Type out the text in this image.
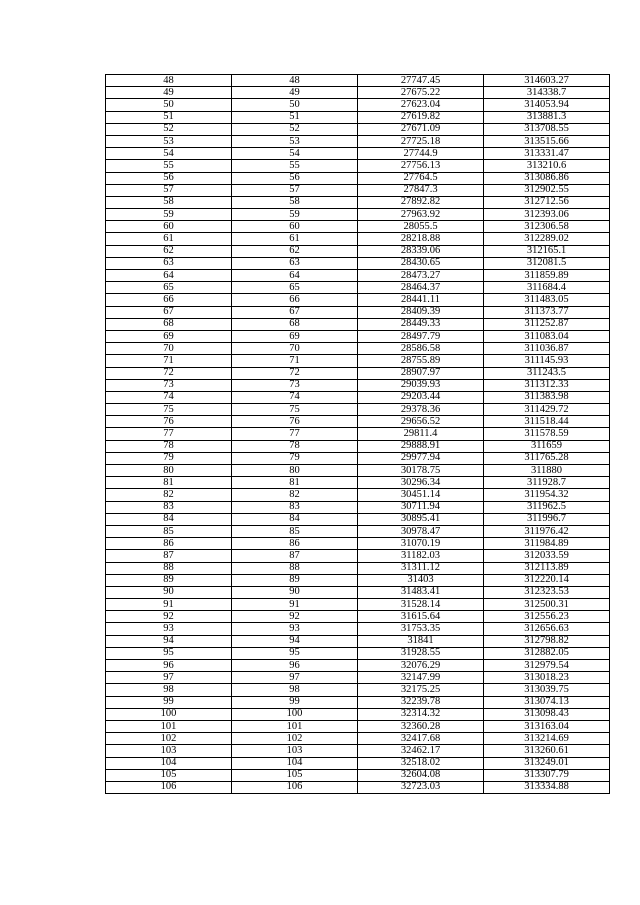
48	48	27747.45	314603.27
49	49	27675.22	314338.7
50	50	27623.04	314053.94
51	51	27619.82	313881.3
52	52	27671.09	313708.55
53	53	27725.18	313515.66
54	54	27744.9	313331.47
55	55	27756.13	313210.6
56	56	27764.5	313086.86
57	57	27847.3	312902.55
58	58	27892.82	312712.56
59	59	27963.92	312393.06
60	60	28055.5	312306.58
61	61	28218.88	312289.02
62	62	28339.06	312165.1
63	63	28430.65	312081.5
64	64	28473.27	311859.89
65	65	28464.37	311684.4
66	66	28441.11	311483.05
67	67	28409.39	311373.77
68	68	28449.33	311252.87
69	69	28497.79	311083.04
70	70	28586.58	311036.87
71	71	28755.89	311145.93
72	72	28907.97	311243.5
73	73	29039.93	311312.33
74	74	29203.44	311383.98
75	75	29378.36	311429.72
76	76	29656.52	311518.44
77	77	29811.4	311578.59
78	78	29888.91	311659
79	79	29977.94	311765.28
80	80	30178.75	311880
81	81	30296.34	311928.7
82	82	30451.14	311954.32
83	83	30711.94	311962.5
84	84	30895.41	311996.7
85	85	30978.47	311976.42
86	86	31070.19	311984.89
87	87	31182.03	312033.59
88	88	31311.12	312113.89
89	89	31403	312220.14
90	90	31483.41	312323.53
91	91	31528.14	312500.31
92	92	31615.64	312556.23
93	93	31753.35	312656.63
94	94	31841	312798.82
95	95	31928.55	312882.05
96	96	32076.29	312979.54
97	97	32147.99	313018.23
98	98	32175.25	313039.75
99	99	32239.78	313074.13
100	100	32314.32	313098.43
101	101	32360.28	313163.04
102	102	32417.68	313214.69
103	103	32462.17	313260.61
104	104	32518.02	313249.01
105	105	32604.08	313307.79
106	106	32723.03	313334.88
